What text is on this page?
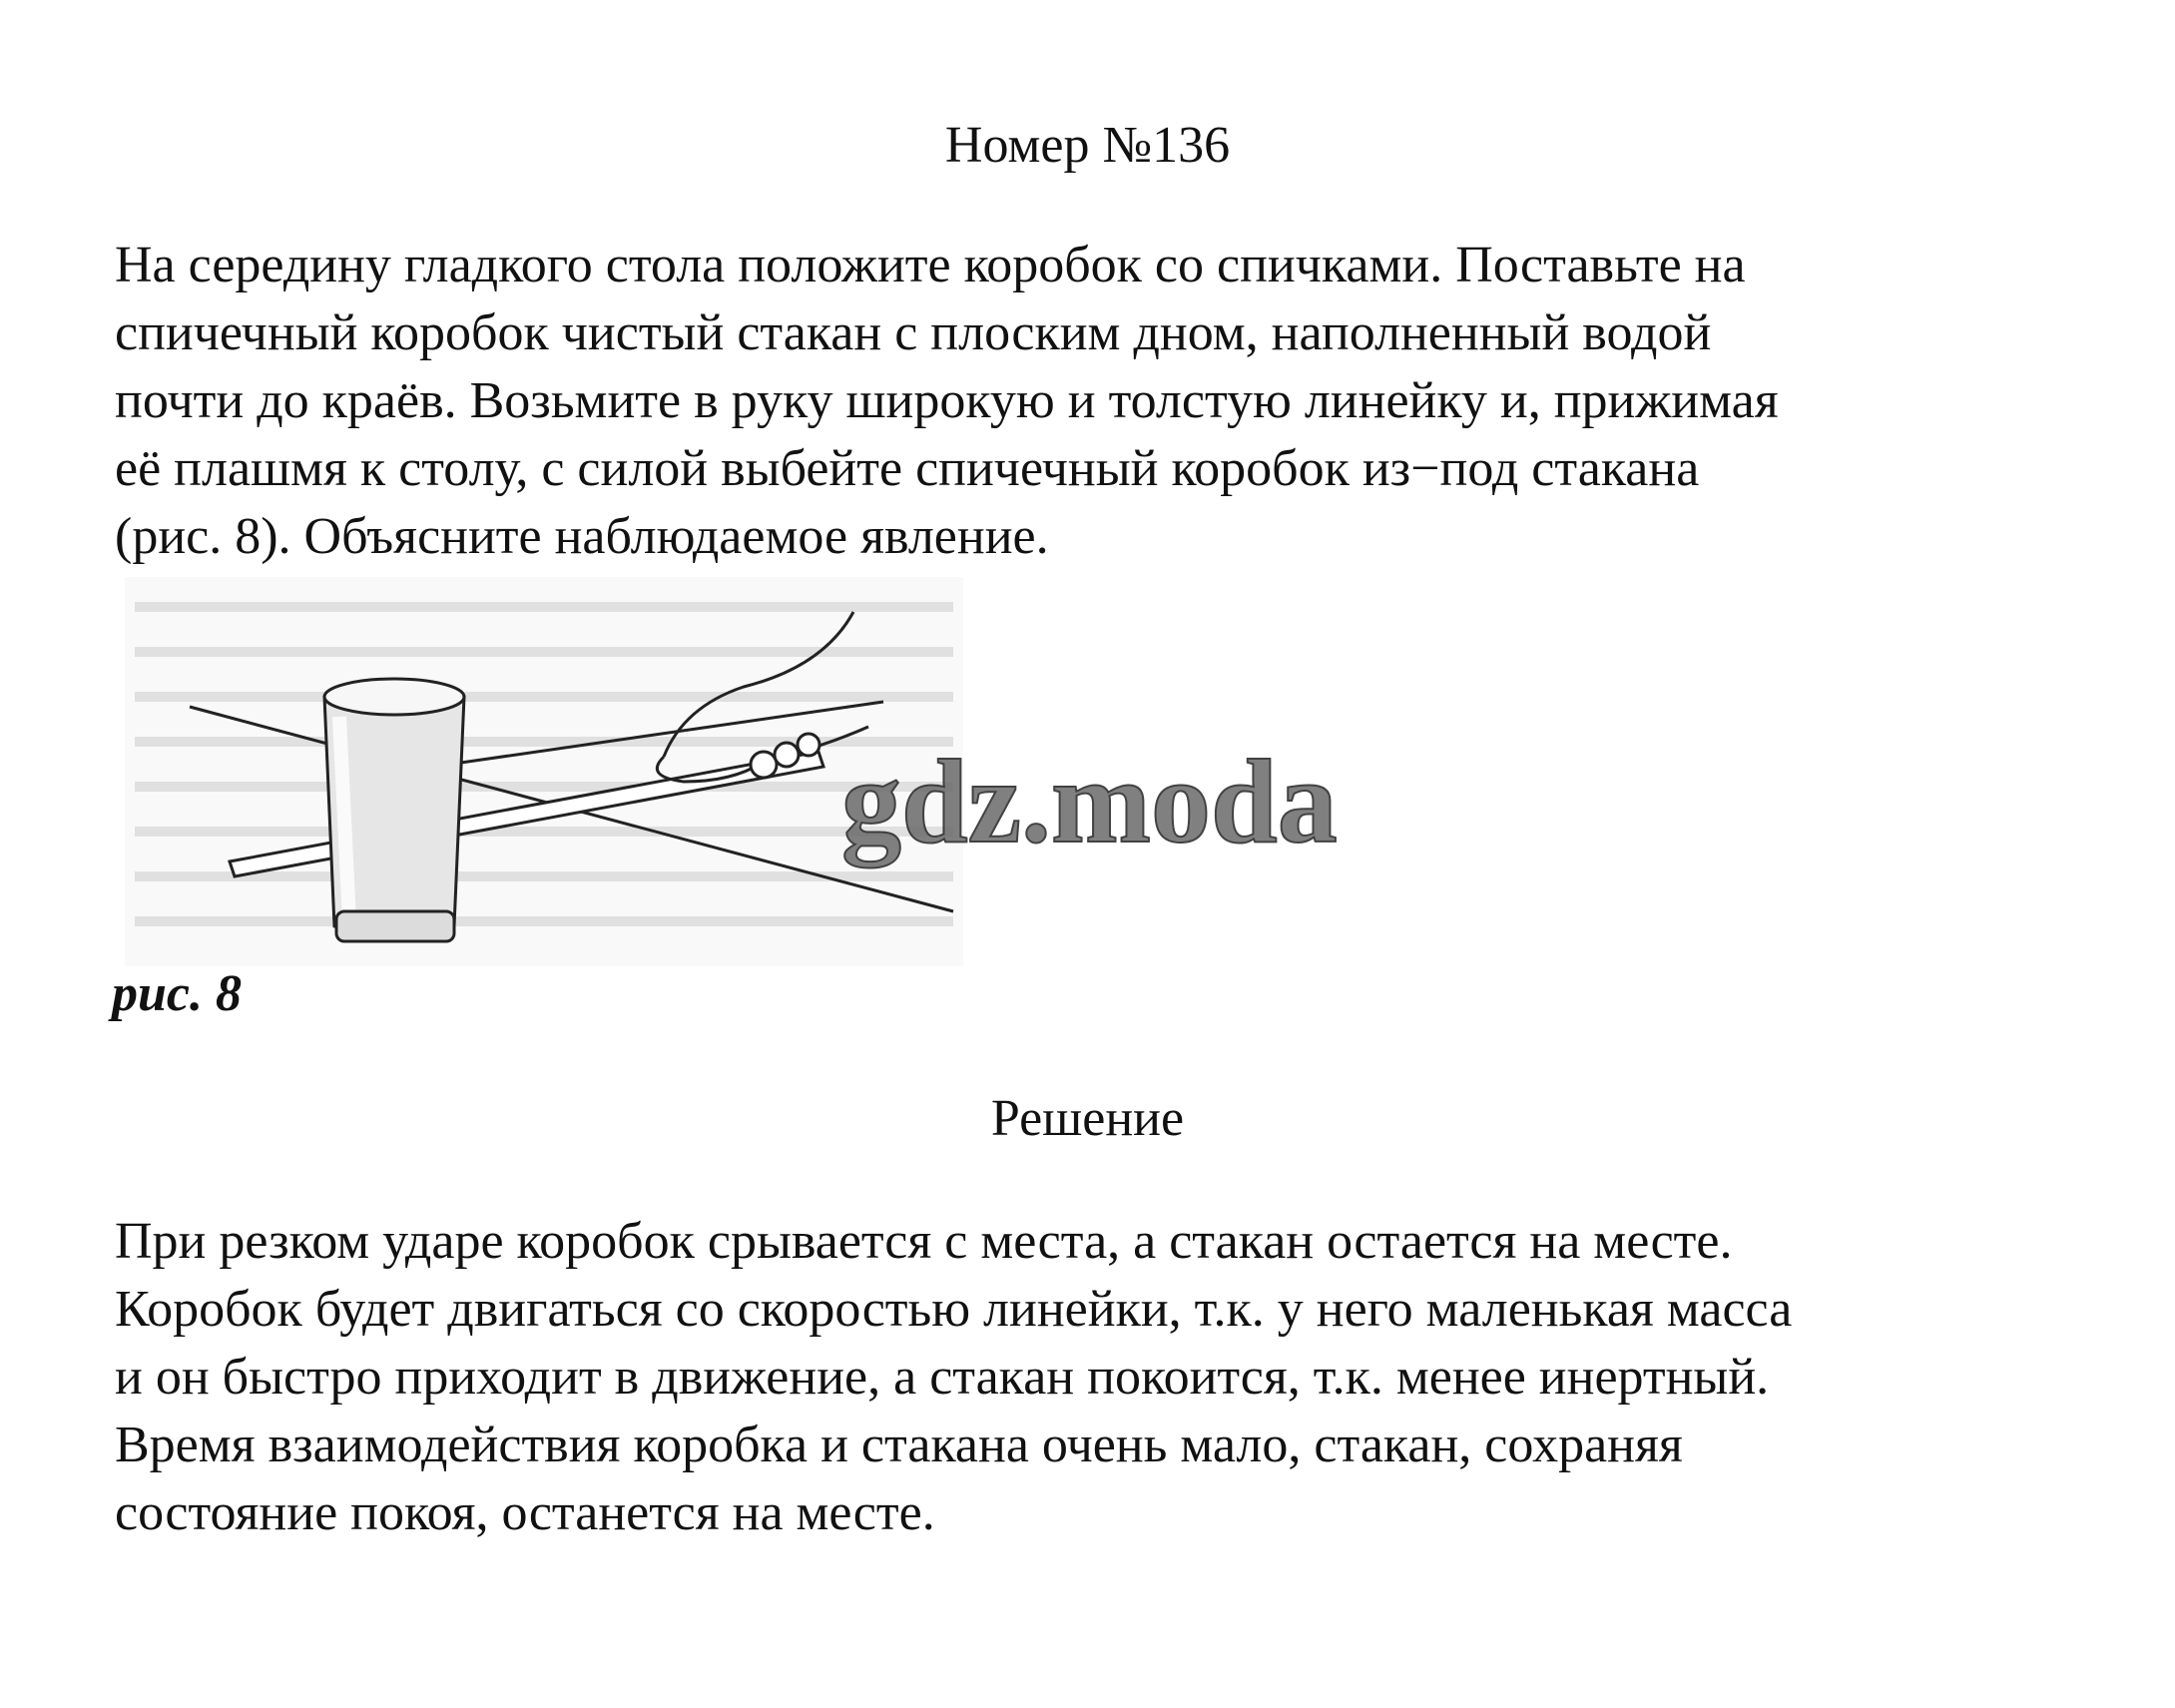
Номер №136

На середину гладкого стола положите коробок со спичками. Поставьте на
спичечный коробок чистый стакан с плоским дном, наполненный водой
почти до краёв. Возьмите в руку широкую и толстую линейку и, прижимая
её плашмя к столу, с силой выбейте спичечный коробок из−под стакана
(рис. 8). Объясните наблюдаемое явление.

gdz.moda
рис. 8
Решение

При резком ударе коробок срывается с места, а стакан остается на месте.
Коробок будет двигаться со скоростью линейки, т.к. у него маленькая масса
и он быстро приходит в движение, а стакан покоится, т.к. менее инертный.
Время взаимодействия коробка и стакана очень мало, стакан, сохраняя
состояние покоя, останется на месте.
